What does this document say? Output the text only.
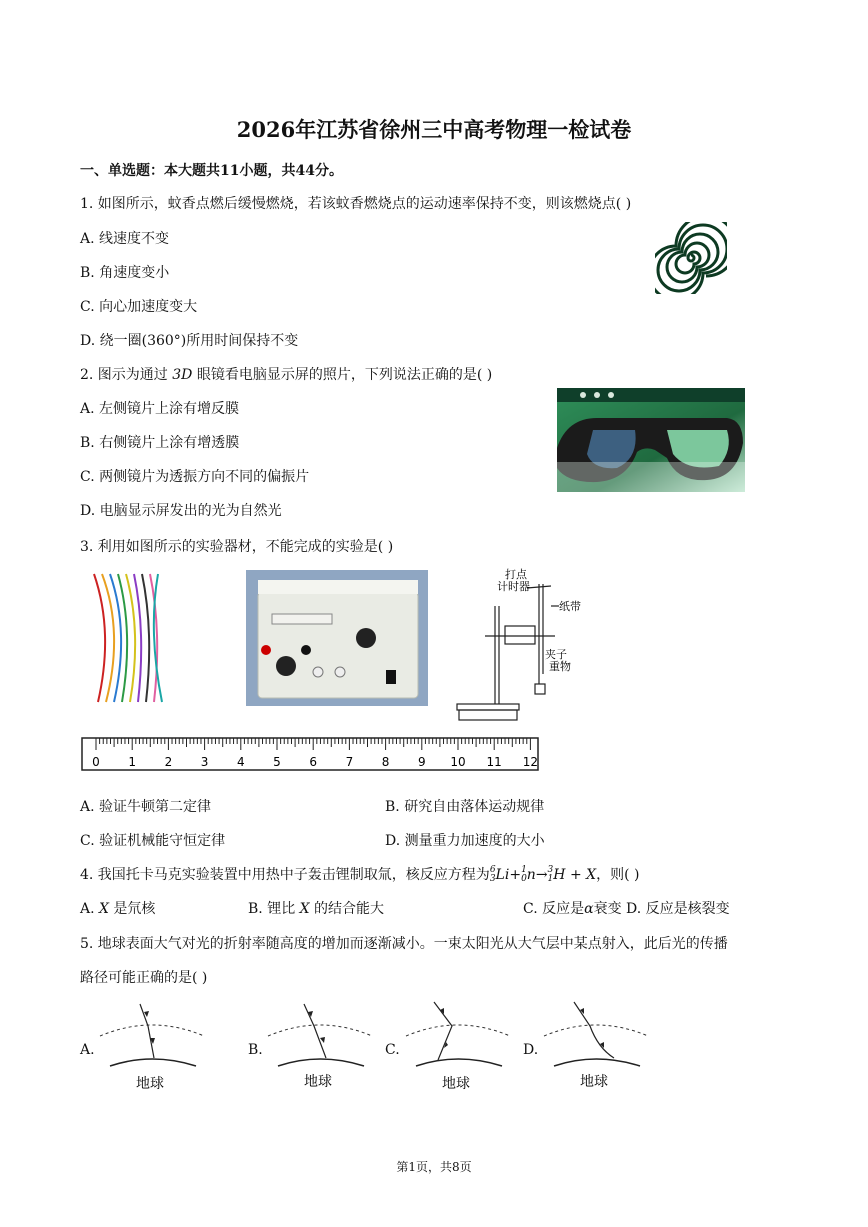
2026年江苏省徐州三中高考物理一检试卷
一、单选题：本大题共11小题，共44分。
1. 如图所示，蚊香点燃后缓慢燃烧，若该蚊香燃烧点的运动速率保持不变，则该燃烧点( )
A. 线速度不变
B. 角速度变小
C. 向心加速度变大
D. 绕一圈(360°)所用时间保持不变
2. 图示为通过 3D 眼镜看电脑显示屏的照片，下列说法正确的是( )
A. 左侧镜片上涂有增反膜
B. 右侧镜片上涂有增透膜
C. 两侧镜片为透振方向不同的偏振片
D. 电脑显示屏发出的光为自然光
3. 利用如图所示的实验器材，不能完成的实验是( )
打点
计时器
纸带
夹子
重物
0 1 2 3 4 5 6 7 8 9 10 11 12
A. 验证牛顿第二定律	B. 研究自由落体运动规律
C. 验证机械能守恒定律	D. 测量重力加速度的大小
4. 我国托卡马克实验装置中用热中子轰击锂制取氚，核反应方程为6
3Li+1
0n→3
1H + X，则( )
A. X 是氘核	B. 锂比 X 的结合能大	C. 反应是α衰变 D. 反应是核裂变
5. 地球表面大气对光的折射率随高度的增加而逐渐减小。一束太阳光从大气层中某点射入，此后光的传播
路径可能正确的是( )
A.	B.	C.	D.
地球	地球	地球	地球
第1页，共8页
